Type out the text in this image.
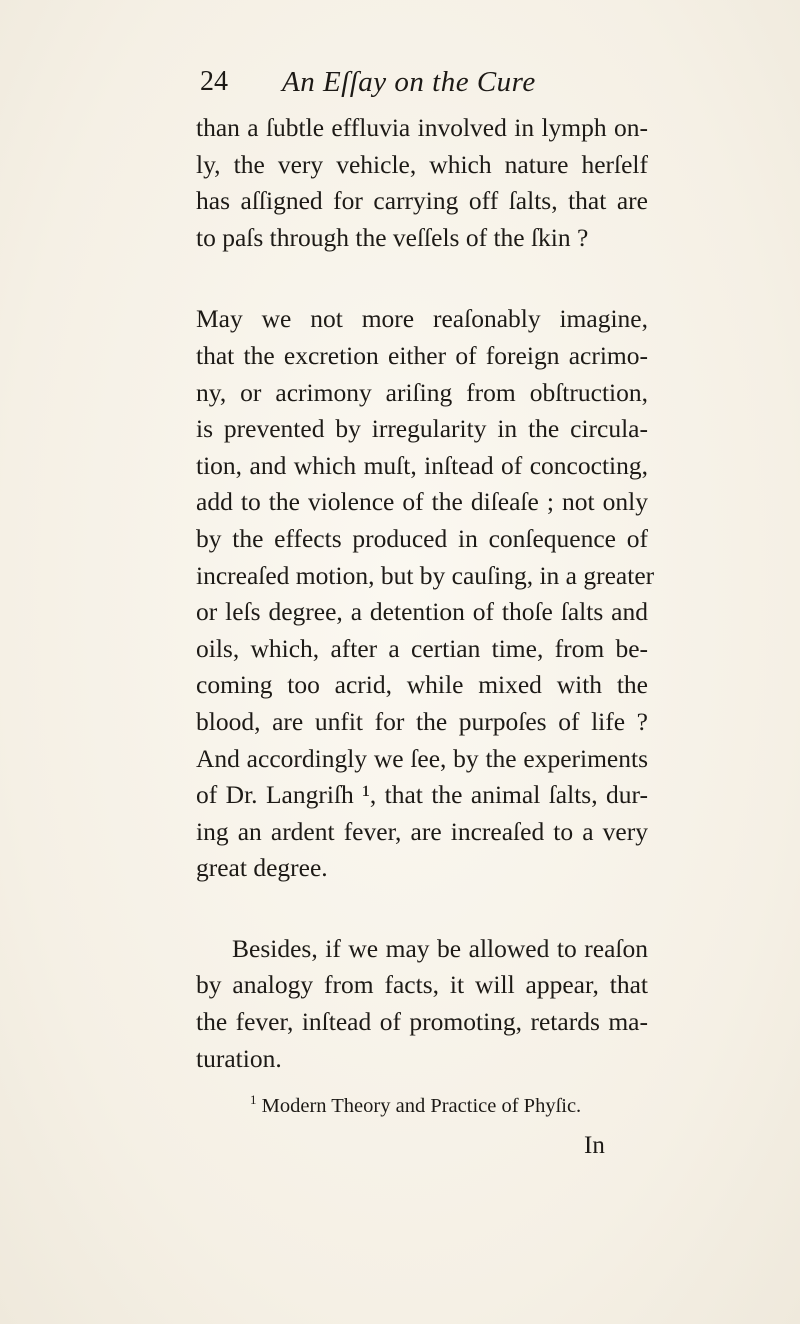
24 An Eſſay on the Cure
than a ſubtle effluvia involved in lymph on-
ly, the very vehicle, which nature herſelf
has aſſigned for carrying off ſalts, that are
to paſs through the veſſels of the ſkin ?
May we not more reaſonably imagine,
that the excretion either of foreign acrimo-
ny, or acrimony ariſing from obſtruction,
is prevented by irregularity in the circula-
tion, and which muſt, inſtead of concocting,
add to the violence of the diſeaſe ; not only
by the effects produced in conſequence of
increaſed motion, but by cauſing, in a greater
or leſs degree, a detention of thoſe ſalts and
oils, which, after a certian time, from be-
coming too acrid, while mixed with the
blood, are unfit for the purpoſes of life ?
And accordingly we ſee, by the experiments
of Dr. Langriſh ¹, that the animal ſalts, dur-
ing an ardent fever, are increaſed to a very
great degree.
Besides, if we may be allowed to reaſon
by analogy from facts, it will appear, that
the fever, inſtead of promoting, retards ma-
turation.
$^1$ Modern Theory and Practice of Phyſic.
In
